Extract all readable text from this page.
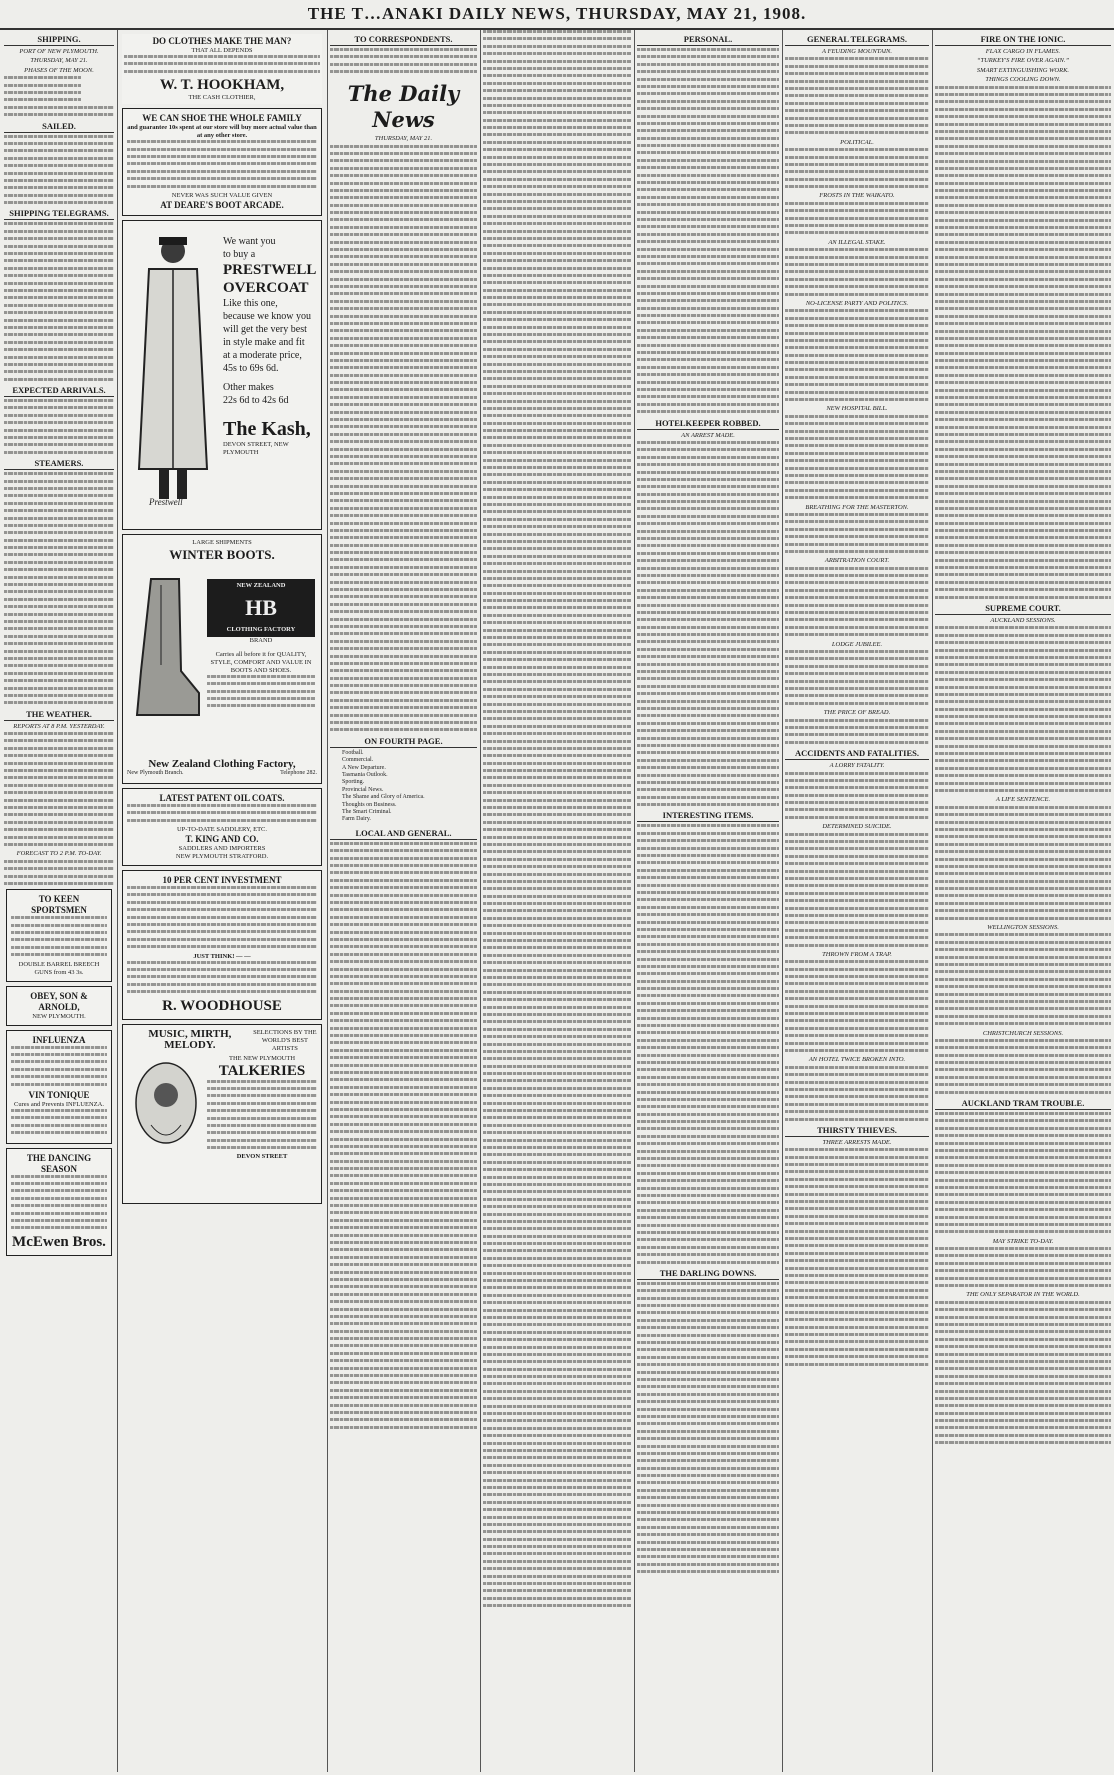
THE T…ANAKI DAILY NEWS, THURSDAY, MAY 21, 1908.
SHIPPING.
PORT OF NEW PLYMOUTH.
THURSDAY, MAY 21.
PHASES OF THE MOON.
SAILED.
SHIPPING TELEGRAMS.
EXPECTED ARRIVALS.
STEAMERS.
THE WEATHER.
REPORTS AT 8 P.M. YESTERDAY.
FORECAST TO 2 P.M. TO-DAY.
TO KEEN SPORTSMEN
DOUBLE BARREL BREECH GUNS from 43 3s.
OBEY, SON & ARNOLD,
NEW PLYMOUTH.
INFLUENZA
VIN TONIQUE
Cures and Prevents INFLUENZA.
THE DANCING SEASON
McEwen Bros.
DO CLOTHES MAKE THE MAN?
THAT ALL DEPENDS
W. T. HOOKHAM,
THE CASH CLOTHIER,
WE CAN SHOE THE WHOLE FAMILY
and guarantee 10s spent at our store will buy more actual value than at any other store.
NEVER WAS SUCH VALUE GIVEN
AT DEARE'S BOOT ARCADE.
Prestwell
We want you
to buy a
PRESTWELL
OVERCOAT
Like this one,
because we know you
will get the very best
in style make and fit
at a moderate price,
45s to 69s 6d.
Other makes
22s 6d to 42s 6d
The Kash,
DEVON STREET, NEW PLYMOUTH
LARGE SHIPMENTS
WINTER BOOTS.
NEW ZEALAND
HB
CLOTHING FACTORY
BRAND
Carries all before it for QUALITY, STYLE, COMFORT AND VALUE IN BOOTS AND SHOES.
New Zealand Clothing Factory,
New Plymouth Branch.	Telephone 282.
LATEST PATENT OIL COATS.
UP-TO-DATE SADDLERY, ETC.
T. KING AND CO.
SADDLERS AND IMPORTERS
NEW PLYMOUTH STRATFORD.
10 PER CENT INVESTMENT
JUST THINK! — —
R. WOODHOUSE
MUSIC, MIRTH, MELODY.
SELECTIONS BY THE WORLD'S BEST ARTISTS
THE NEW PLYMOUTH
TALKERIES
DEVON STREET
TO CORRESPONDENTS.
The Daily News
THURSDAY, MAY 21.
ON FOURTH PAGE.
Football.
Commercial.
A New Departure.
Tasmania Outlook.
Sporting.
Provincial News.
The Shame and Glory of America.
Thoughts on Business.
The Smart Criminal.
Farm Dairy.
LOCAL AND GENERAL.
PERSONAL.
HOTELKEEPER ROBBED.
AN ARREST MADE.
INTERESTING ITEMS.
THE DARLING DOWNS.
GENERAL TELEGRAMS.
A FEUDING MOUNTAIN.
POLITICAL.
FROSTS IN THE WAIKATO.
AN ILLEGAL STAKE.
NO-LICENSE PARTY AND POLITICS.
NEW HOSPITAL BILL.
BREATHING FOR THE MASTERTON.
ARBITRATION COURT.
LODGE JUBILEE.
THE PRICE OF BREAD.
ACCIDENTS AND FATALITIES.
A LORRY FATALITY.
DETERMINED SUICIDE.
THROWN FROM A TRAP.
AN HOTEL TWICE BROKEN INTO.
THIRSTY THIEVES.
THREE ARRESTS MADE.
FIRE ON THE IONIC.
FLAX CARGO IN FLAMES.
“TURKEY'S FIRE OVER AGAIN.”
SMART EXTINGUISHING WORK.
THINGS COOLING DOWN.
SUPREME COURT.
AUCKLAND SESSIONS.
A LIFE SENTENCE.
WELLINGTON SESSIONS.
CHRISTCHURCH SESSIONS.
AUCKLAND TRAM TROUBLE.
MAY STRIKE TO-DAY.
THE ONLY SEPARATOR IN THE WORLD.
